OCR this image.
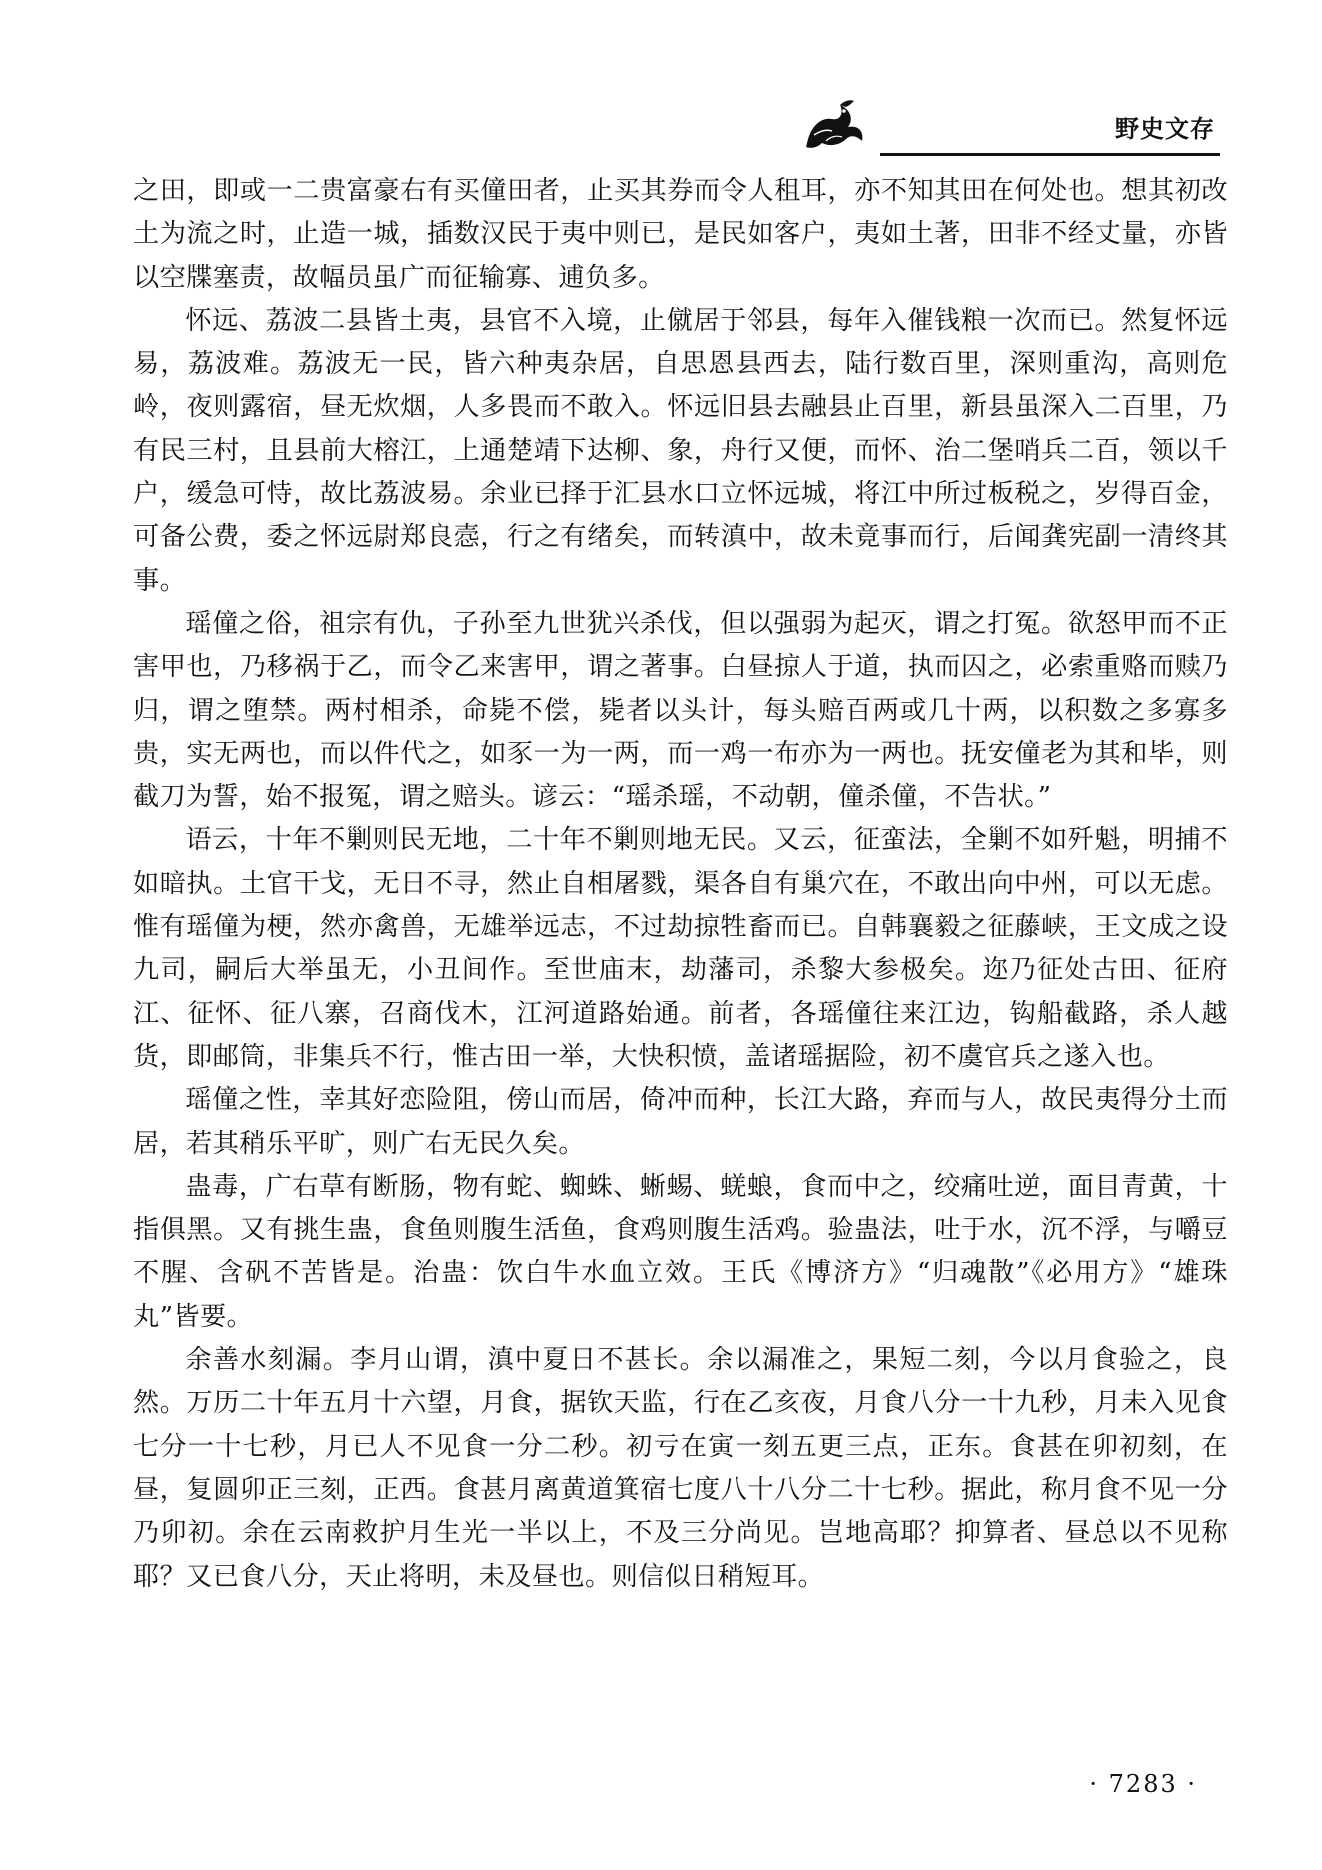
野史文存

之田，即或一二贵富豪右有买僮田者，止买其券而令人租耳，亦不知其田在何处也。想其初改土为流之时，止造一城，插数汉民于夷中则已，是民如客户，夷如土著，田非不经丈量，亦皆以空牒塞责，故幅员虽广而征输寡、逋负多。

怀远、荔波二县皆土夷，县官不入境，止僦居于邻县，每年入催钱粮一次而已。然复怀远易，荔波难。荔波无一民，皆六种夷杂居，自思恩县西去，陆行数百里，深则重沟，高则危岭，夜则露宿，昼无炊烟，人多畏而不敢入。怀远旧县去融县止百里，新县虽深入二百里，乃有民三村，且县前大榕江，上通楚靖下达柳、象，舟行又便，而怀、治二堡哨兵二百，领以千户，缓急可恃，故比荔波易。余业已择于汇县水口立怀远城，将江中所过板税之，岁得百金，可备公费，委之怀远尉郑良悫，行之有绪矣，而转滇中，故未竟事而行，后闻龚宪副一清终其事。

瑶僮之俗，祖宗有仇，子孙至九世犹兴杀伐，但以强弱为起灭，谓之打冤。欲怒甲而不正害甲也，乃移祸于乙，而令乙来害甲，谓之著事。白昼掠人于道，执而囚之，必索重赂而赎乃归，谓之堕禁。两村相杀，命毙不偿，毙者以头计，每头赔百两或几十两，以积数之多寡多贵，实无两也，而以件代之，如豕一为一两，而一鸡一布亦为一两也。抚安僮老为其和毕，则截刀为誓，始不报冤，谓之赔头。谚云：“瑶杀瑶，不动朝，僮杀僮，不告状。”

语云，十年不剿则民无地，二十年不剿则地无民。又云，征蛮法，全剿不如歼魁，明捕不如暗执。土官干戈，无日不寻，然止自相屠戮，渠各自有巢穴在，不敢出向中州，可以无虑。惟有瑶僮为梗，然亦禽兽，无雄举远志，不过劫掠牲畜而已。自韩襄毅之征藤峡，王文成之设九司，嗣后大举虽无，小丑间作。至世庙末，劫藩司，杀黎大参极矣。迩乃征处古田、征府江、征怀、征八寨，召商伐木，江河道路始通。前者，各瑶僮往来江边，钩船截路，杀人越货，即邮筒，非集兵不行，惟古田一举，大快积愤，盖诸瑶据险，初不虞官兵之遂入也。

瑶僮之性，幸其好恋险阻，傍山而居，倚冲而种，长江大路，弃而与人，故民夷得分土而居，若其稍乐平旷，则广右无民久矣。

蛊毒，广右草有断肠，物有蛇、蜘蛛、蜥蜴、蜣蜋，食而中之，绞痛吐逆，面目青黄，十指俱黑。又有挑生蛊，食鱼则腹生活鱼，食鸡则腹生活鸡。验蛊法，吐于水，沉不浮，与嚼豆不腥、含矾不苦皆是。治蛊：饮白牛水血立效。王氏《博济方》“归魂散”《必用方》“雄珠丸”皆要。

余善水刻漏。李月山谓，滇中夏日不甚长。余以漏准之，果短二刻，今以月食验之，良然。万历二十年五月十六望，月食，据钦天监，行在乙亥夜，月食八分一十九秒，月未入见食七分一十七秒，月已人不见食一分二秒。初亏在寅一刻五更三点，正东。食甚在卯初刻，在昼，复圆卯正三刻，正西。食甚月离黄道箕宿七度八十八分二十七秒。据此，称月食不见一分乃卯初。余在云南救护月生光一半以上，不及三分尚见。岂地高耶？抑算者、昼总以不见称耶？又已食八分，天止将明，未及昼也。则信似日稍短耳。

· 7283 ·
